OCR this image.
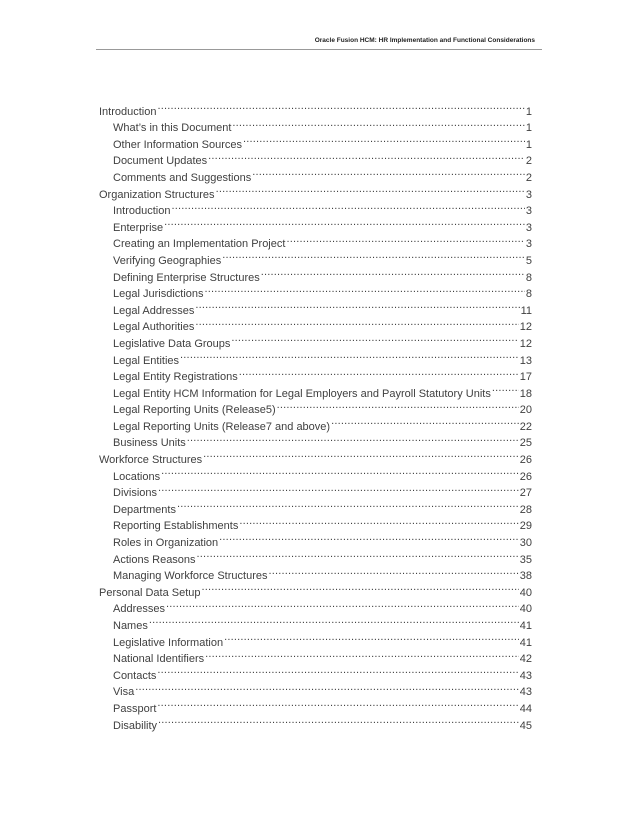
Oracle Fusion HCM: HR Implementation and Functional Considerations
Introduction .....	1
What’s in this Document .....	1
Other Information Sources .....	1
Document Updates .....	2
Comments and Suggestions .....	2
Organization Structures .....	3
Introduction .....	3
Enterprise .....	3
Creating an Implementation Project .....	3
Verifying Geographies .....	5
Defining Enterprise Structures .....	8
Legal Jurisdictions .....	8
Legal Addresses .....	11
Legal Authorities .....	12
Legislative Data Groups .....	12
Legal Entities .....	13
Legal Entity Registrations .....	17
Legal Entity HCM Information for Legal Employers and Payroll Statutory Units .....	18
Legal Reporting Units (Release5) .....	20
Legal Reporting Units (Release7 and above) .....	22
Business Units .....	25
Workforce Structures .....	26
Locations .....	26
Divisions .....	27
Departments .....	28
Reporting Establishments .....	29
Roles in Organization .....	30
Actions Reasons .....	35
Managing Workforce Structures .....	38
Personal Data Setup .....	40
Addresses .....	40
Names .....	41
Legislative Information .....	41
National Identifiers .....	42
Contacts .....	43
Visa .....	43
Passport .....	44
Disability .....	45
